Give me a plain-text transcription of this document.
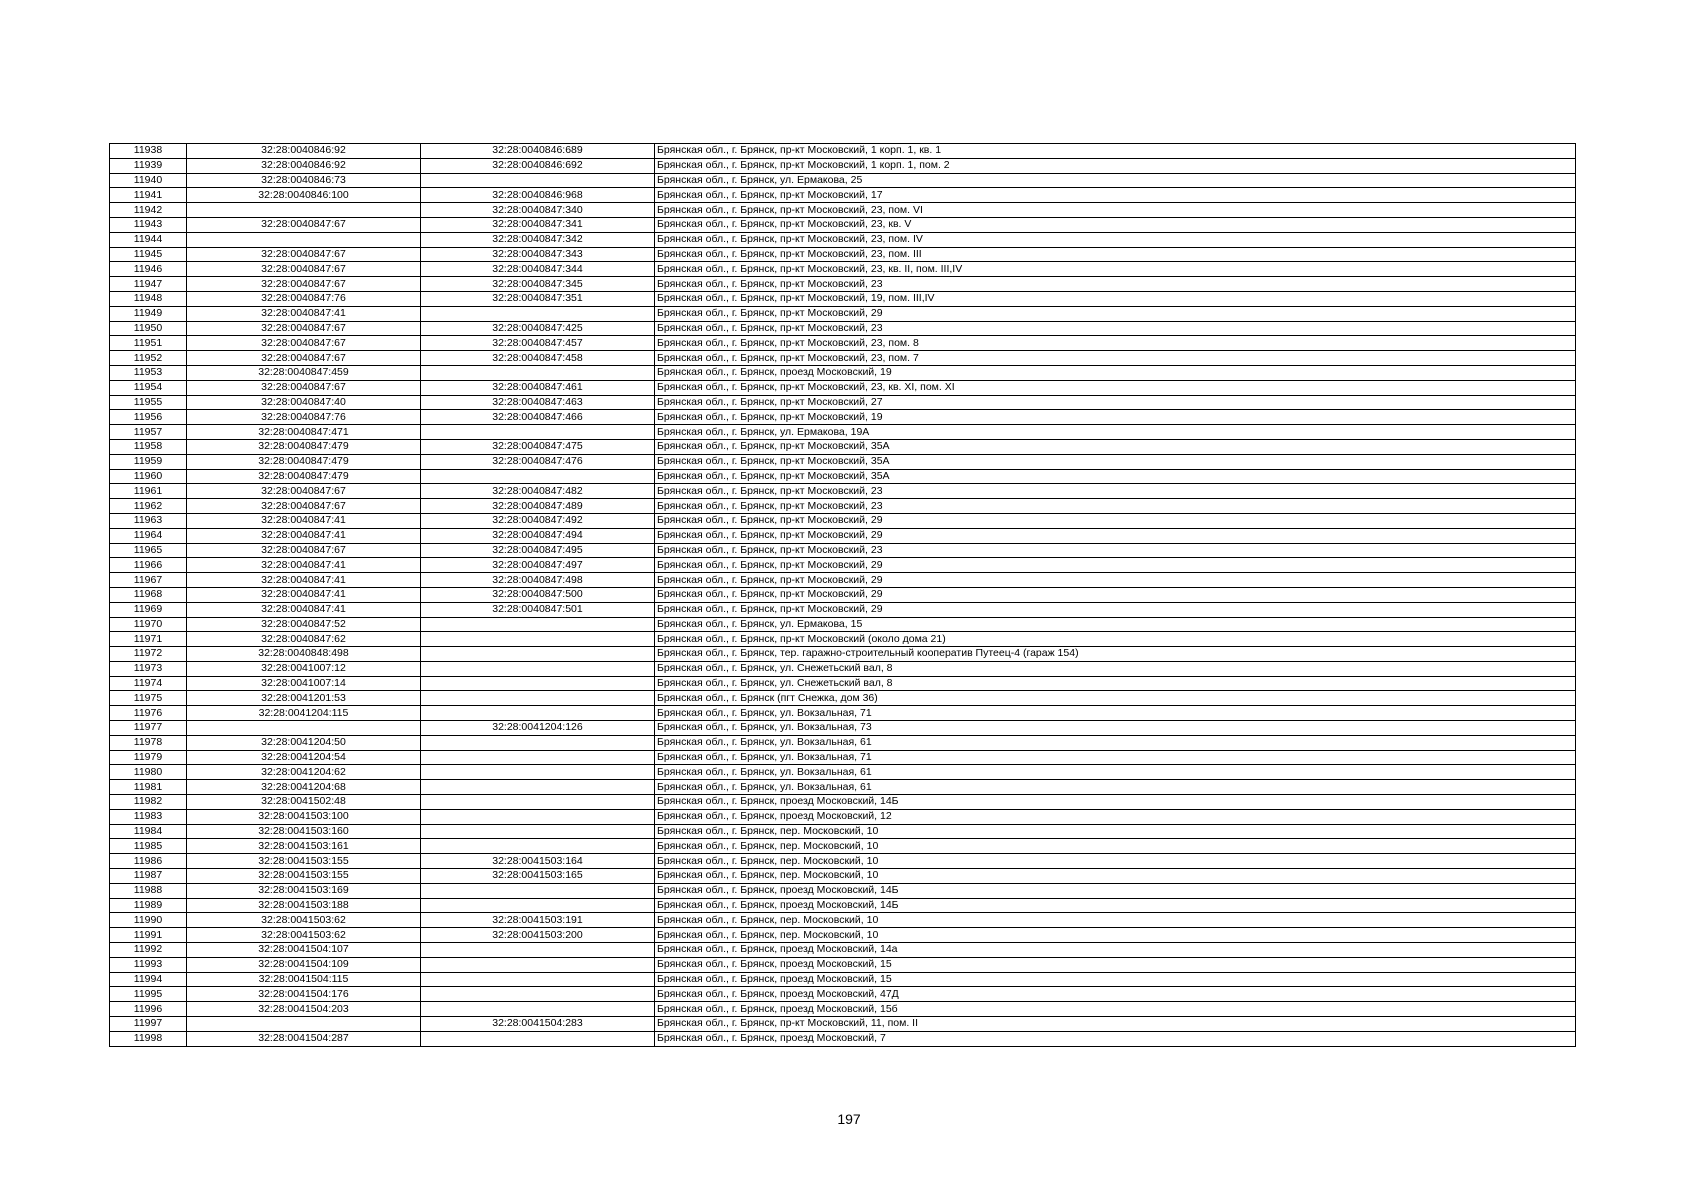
11938	32:28:0040846:92	32:28:0040846:689	Брянская обл., г. Брянск, пр-кт Московский, 1 корп. 1, кв. 1
11939	32:28:0040846:92	32:28:0040846:692	Брянская обл., г. Брянск, пр-кт Московский, 1 корп. 1, пом. 2
11940	32:28:0040846:73		Брянская обл., г. Брянск, ул. Ермакова, 25
11941	32:28:0040846:100	32:28:0040846:968	Брянская обл., г. Брянск, пр-кт Московский, 17
11942		32:28:0040847:340	Брянская обл., г. Брянск, пр-кт Московский, 23, пом. VI
11943	32:28:0040847:67	32:28:0040847:341	Брянская обл., г. Брянск, пр-кт Московский, 23, кв. V
11944		32:28:0040847:342	Брянская обл., г. Брянск, пр-кт Московский, 23, пом. IV
11945	32:28:0040847:67	32:28:0040847:343	Брянская обл., г. Брянск, пр-кт Московский, 23, пом. III
11946	32:28:0040847:67	32:28:0040847:344	Брянская обл., г. Брянск, пр-кт Московский, 23, кв. II, пом. III,IV
11947	32:28:0040847:67	32:28:0040847:345	Брянская обл., г. Брянск, пр-кт Московский, 23
11948	32:28:0040847:76	32:28:0040847:351	Брянская обл., г. Брянск, пр-кт Московский, 19, пом. III,IV
11949	32:28:0040847:41		Брянская обл., г. Брянск, пр-кт Московский, 29
11950	32:28:0040847:67	32:28:0040847:425	Брянская обл., г. Брянск, пр-кт Московский, 23
11951	32:28:0040847:67	32:28:0040847:457	Брянская обл., г. Брянск, пр-кт Московский, 23, пом. 8
11952	32:28:0040847:67	32:28:0040847:458	Брянская обл., г. Брянск, пр-кт Московский, 23, пом. 7
11953	32:28:0040847:459		Брянская обл., г. Брянск, проезд Московский, 19
11954	32:28:0040847:67	32:28:0040847:461	Брянская обл., г. Брянск, пр-кт Московский, 23, кв. XI, пом. XI
11955	32:28:0040847:40	32:28:0040847:463	Брянская обл., г. Брянск, пр-кт Московский, 27
11956	32:28:0040847:76	32:28:0040847:466	Брянская обл., г. Брянск, пр-кт Московский, 19
11957	32:28:0040847:471		Брянская обл., г. Брянск, ул. Ермакова, 19А
11958	32:28:0040847:479	32:28:0040847:475	Брянская обл., г. Брянск, пр-кт Московский, 35А
11959	32:28:0040847:479	32:28:0040847:476	Брянская обл., г. Брянск, пр-кт Московский, 35А
11960	32:28:0040847:479		Брянская обл., г. Брянск, пр-кт Московский, 35А
11961	32:28:0040847:67	32:28:0040847:482	Брянская обл., г. Брянск, пр-кт Московский, 23
11962	32:28:0040847:67	32:28:0040847:489	Брянская обл., г. Брянск, пр-кт Московский, 23
11963	32:28:0040847:41	32:28:0040847:492	Брянская обл., г. Брянск, пр-кт Московский, 29
11964	32:28:0040847:41	32:28:0040847:494	Брянская обл., г. Брянск, пр-кт Московский, 29
11965	32:28:0040847:67	32:28:0040847:495	Брянская обл., г. Брянск, пр-кт Московский, 23
11966	32:28:0040847:41	32:28:0040847:497	Брянская обл., г. Брянск, пр-кт Московский, 29
11967	32:28:0040847:41	32:28:0040847:498	Брянская обл., г. Брянск, пр-кт Московский, 29
11968	32:28:0040847:41	32:28:0040847:500	Брянская обл., г. Брянск, пр-кт Московский, 29
11969	32:28:0040847:41	32:28:0040847:501	Брянская обл., г. Брянск, пр-кт Московский, 29
11970	32:28:0040847:52		Брянская обл., г. Брянск, ул. Ермакова, 15
11971	32:28:0040847:62		Брянская обл., г. Брянск, пр-кт Московский (около дома 21)
11972	32:28:0040848:498		Брянская обл., г. Брянск, тер. гаражно-строительный кооператив Путеец-4 (гараж 154)
11973	32:28:0041007:12		Брянская обл., г. Брянск, ул. Снежетьский вал, 8
11974	32:28:0041007:14		Брянская обл., г. Брянск, ул. Снежетьский вал, 8
11975	32:28:0041201:53		Брянская обл., г. Брянск (пгт Снежка, дом 36)
11976	32:28:0041204:115		Брянская обл., г. Брянск, ул. Вокзальная, 71
11977		32:28:0041204:126	Брянская обл., г. Брянск, ул. Вокзальная, 73
11978	32:28:0041204:50		Брянская обл., г. Брянск, ул. Вокзальная, 61
11979	32:28:0041204:54		Брянская обл., г. Брянск, ул. Вокзальная, 71
11980	32:28:0041204:62		Брянская обл., г. Брянск, ул. Вокзальная, 61
11981	32:28:0041204:68		Брянская обл., г. Брянск, ул. Вокзальная, 61
11982	32:28:0041502:48		Брянская обл., г. Брянск, проезд Московский, 14Б
11983	32:28:0041503:100		Брянская обл., г. Брянск, проезд Московский, 12
11984	32:28:0041503:160		Брянская обл., г. Брянск, пер. Московский, 10
11985	32:28:0041503:161		Брянская обл., г. Брянск, пер. Московский, 10
11986	32:28:0041503:155	32:28:0041503:164	Брянская обл., г. Брянск, пер. Московский, 10
11987	32:28:0041503:155	32:28:0041503:165	Брянская обл., г. Брянск, пер. Московский, 10
11988	32:28:0041503:169		Брянская обл., г. Брянск, проезд Московский, 14Б
11989	32:28:0041503:188		Брянская обл., г. Брянск, проезд Московский, 14Б
11990	32:28:0041503:62	32:28:0041503:191	Брянская обл., г. Брянск, пер. Московский, 10
11991	32:28:0041503:62	32:28:0041503:200	Брянская обл., г. Брянск, пер. Московский, 10
11992	32:28:0041504:107		Брянская обл., г. Брянск, проезд Московский, 14а
11993	32:28:0041504:109		Брянская обл., г. Брянск, проезд Московский, 15
11994	32:28:0041504:115		Брянская обл., г. Брянск, проезд Московский, 15
11995	32:28:0041504:176		Брянская обл., г. Брянск, проезд Московский, 47Д
11996	32:28:0041504:203		Брянская обл., г. Брянск, проезд Московский, 15б
11997		32:28:0041504:283	Брянская обл., г. Брянск, пр-кт Московский, 11, пом. II
11998	32:28:0041504:287		Брянская обл., г. Брянск, проезд Московский, 7
197
